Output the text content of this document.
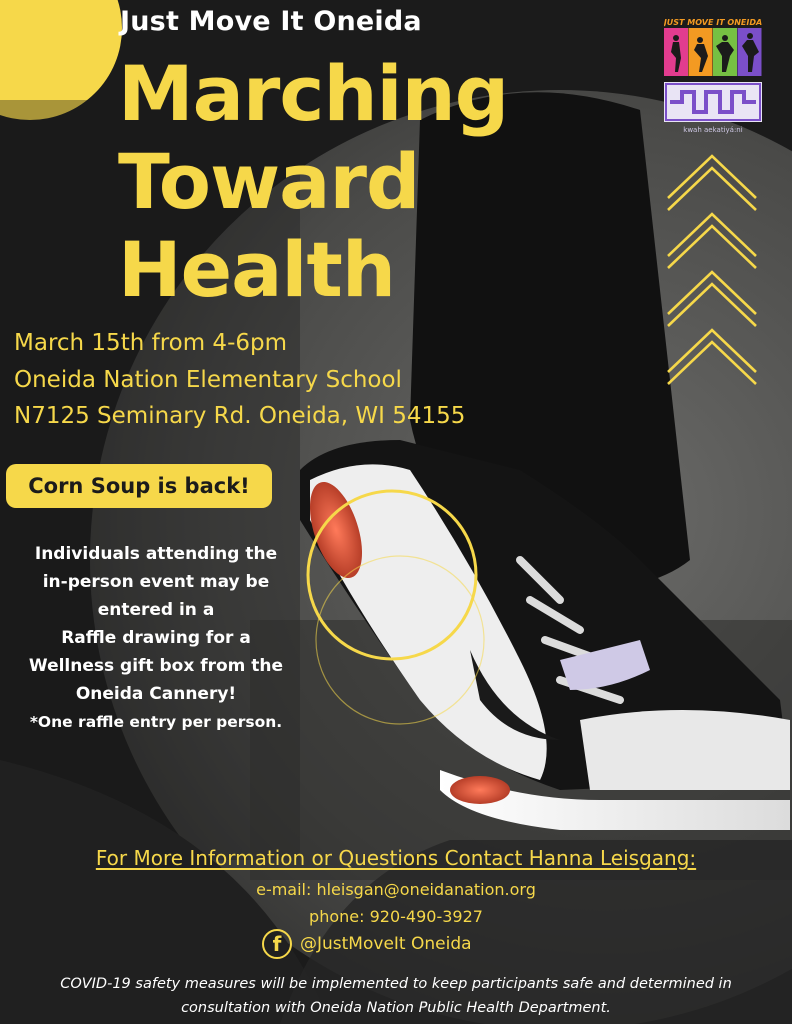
JUST MOVE IT ONEIDA
kwah aekatiyá:ni
Just Move It Oneida
Marching
Toward
Health
March 15th from 4-6pm
Oneida Nation Elementary School
N7125 Seminary Rd. Oneida, WI 54155
Corn Soup is back!
Individuals attending the
in-person event may be
entered in a
Raffle drawing for a
Wellness gift box from the
Oneida Cannery!
*One raffle entry per person.
For More Information or Questions Contact Hanna Leisgang:
e-mail: hleisgan@oneidanation.org
phone: 920-490-3927
f	@JustMoveIt Oneida
COVID-19 safety measures will be implemented to keep participants safe and determined in
consultation with Oneida Nation Public Health Department.
